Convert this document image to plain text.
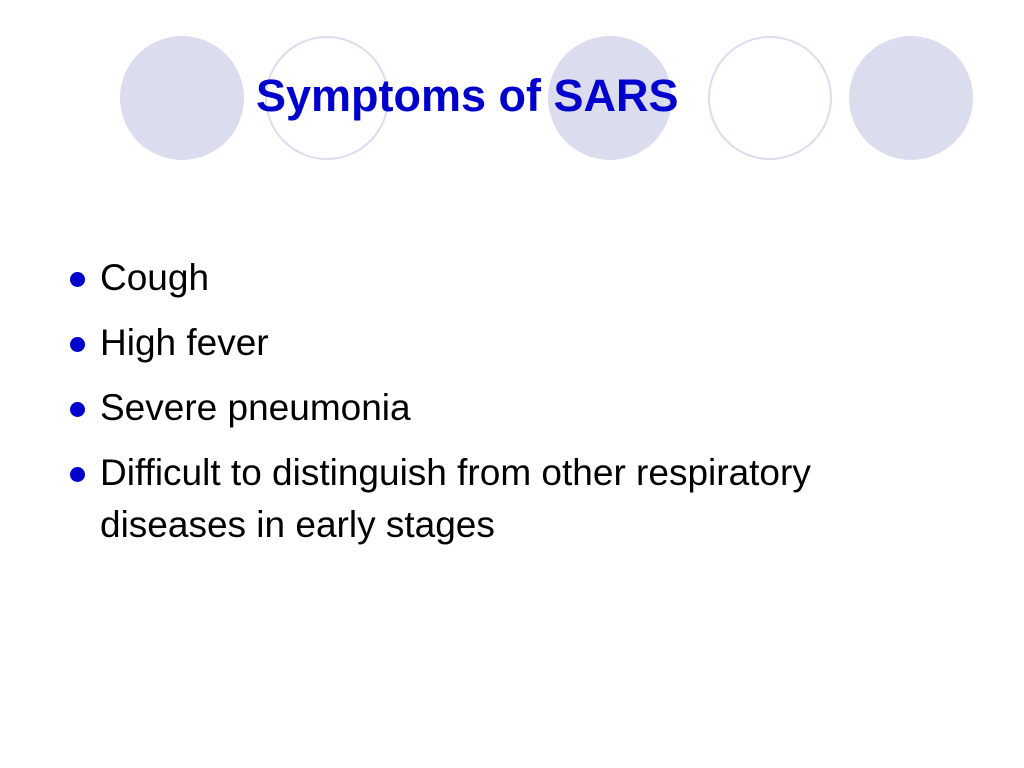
Symptoms of SARS
Cough
High fever
Severe pneumonia
Difficult to distinguish from other respiratory diseases in early stages
